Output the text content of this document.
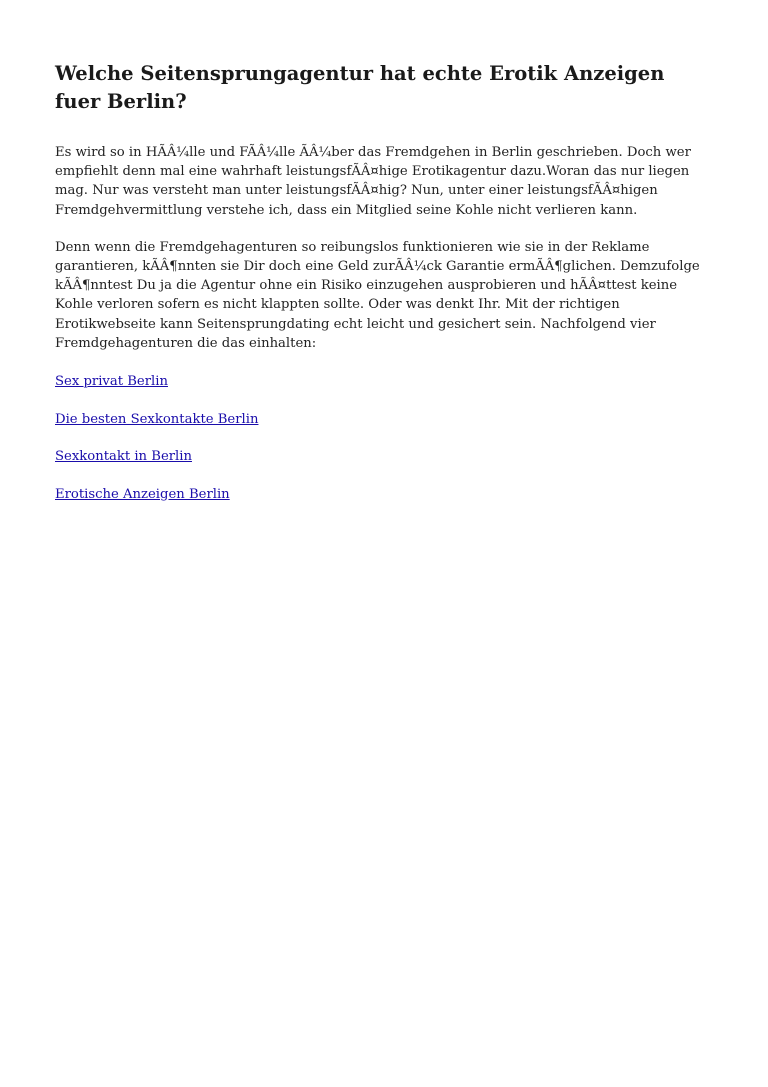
Welche Seitensprungagentur hat echte Erotik Anzeigen fuer Berlin?

Es wird so in HÃÂ¼lle und FÃÂ¼lle ÃÂ¼ber das Fremdgehen in Berlin geschrieben. Doch wer empfiehlt denn mal eine wahrhaft leistungsfÃÂ¤hige Erotikagentur dazu.Woran das nur liegen mag. Nur was versteht man unter leistungsfÃÂ¤hig? Nun, unter einer leistungsfÃÂ¤higen Fremdgehvermittlung verstehe ich, dass ein Mitglied seine Kohle nicht verlieren kann.

Denn wenn die Fremdgehagenturen so reibungslos funktionieren wie sie in der Reklame garantieren, kÃÂ¶nnten sie Dir doch eine Geld zurÃÂ¼ck Garantie ermÃÂ¶glichen. Demzufolge kÃÂ¶nntest Du ja die Agentur ohne ein Risiko einzugehen ausprobieren und hÃÂ¤ttest keine Kohle verloren sofern es nicht klappten sollte. Oder was denkt Ihr. Mit der richtigen Erotikwebseite kann Seitensprungdating echt leicht und gesichert sein. Nachfolgend vier Fremdgehagenturen die das einhalten:

Sex privat Berlin
Die besten Sexkontakte Berlin
Sexkontakt in Berlin
Erotische Anzeigen Berlin
